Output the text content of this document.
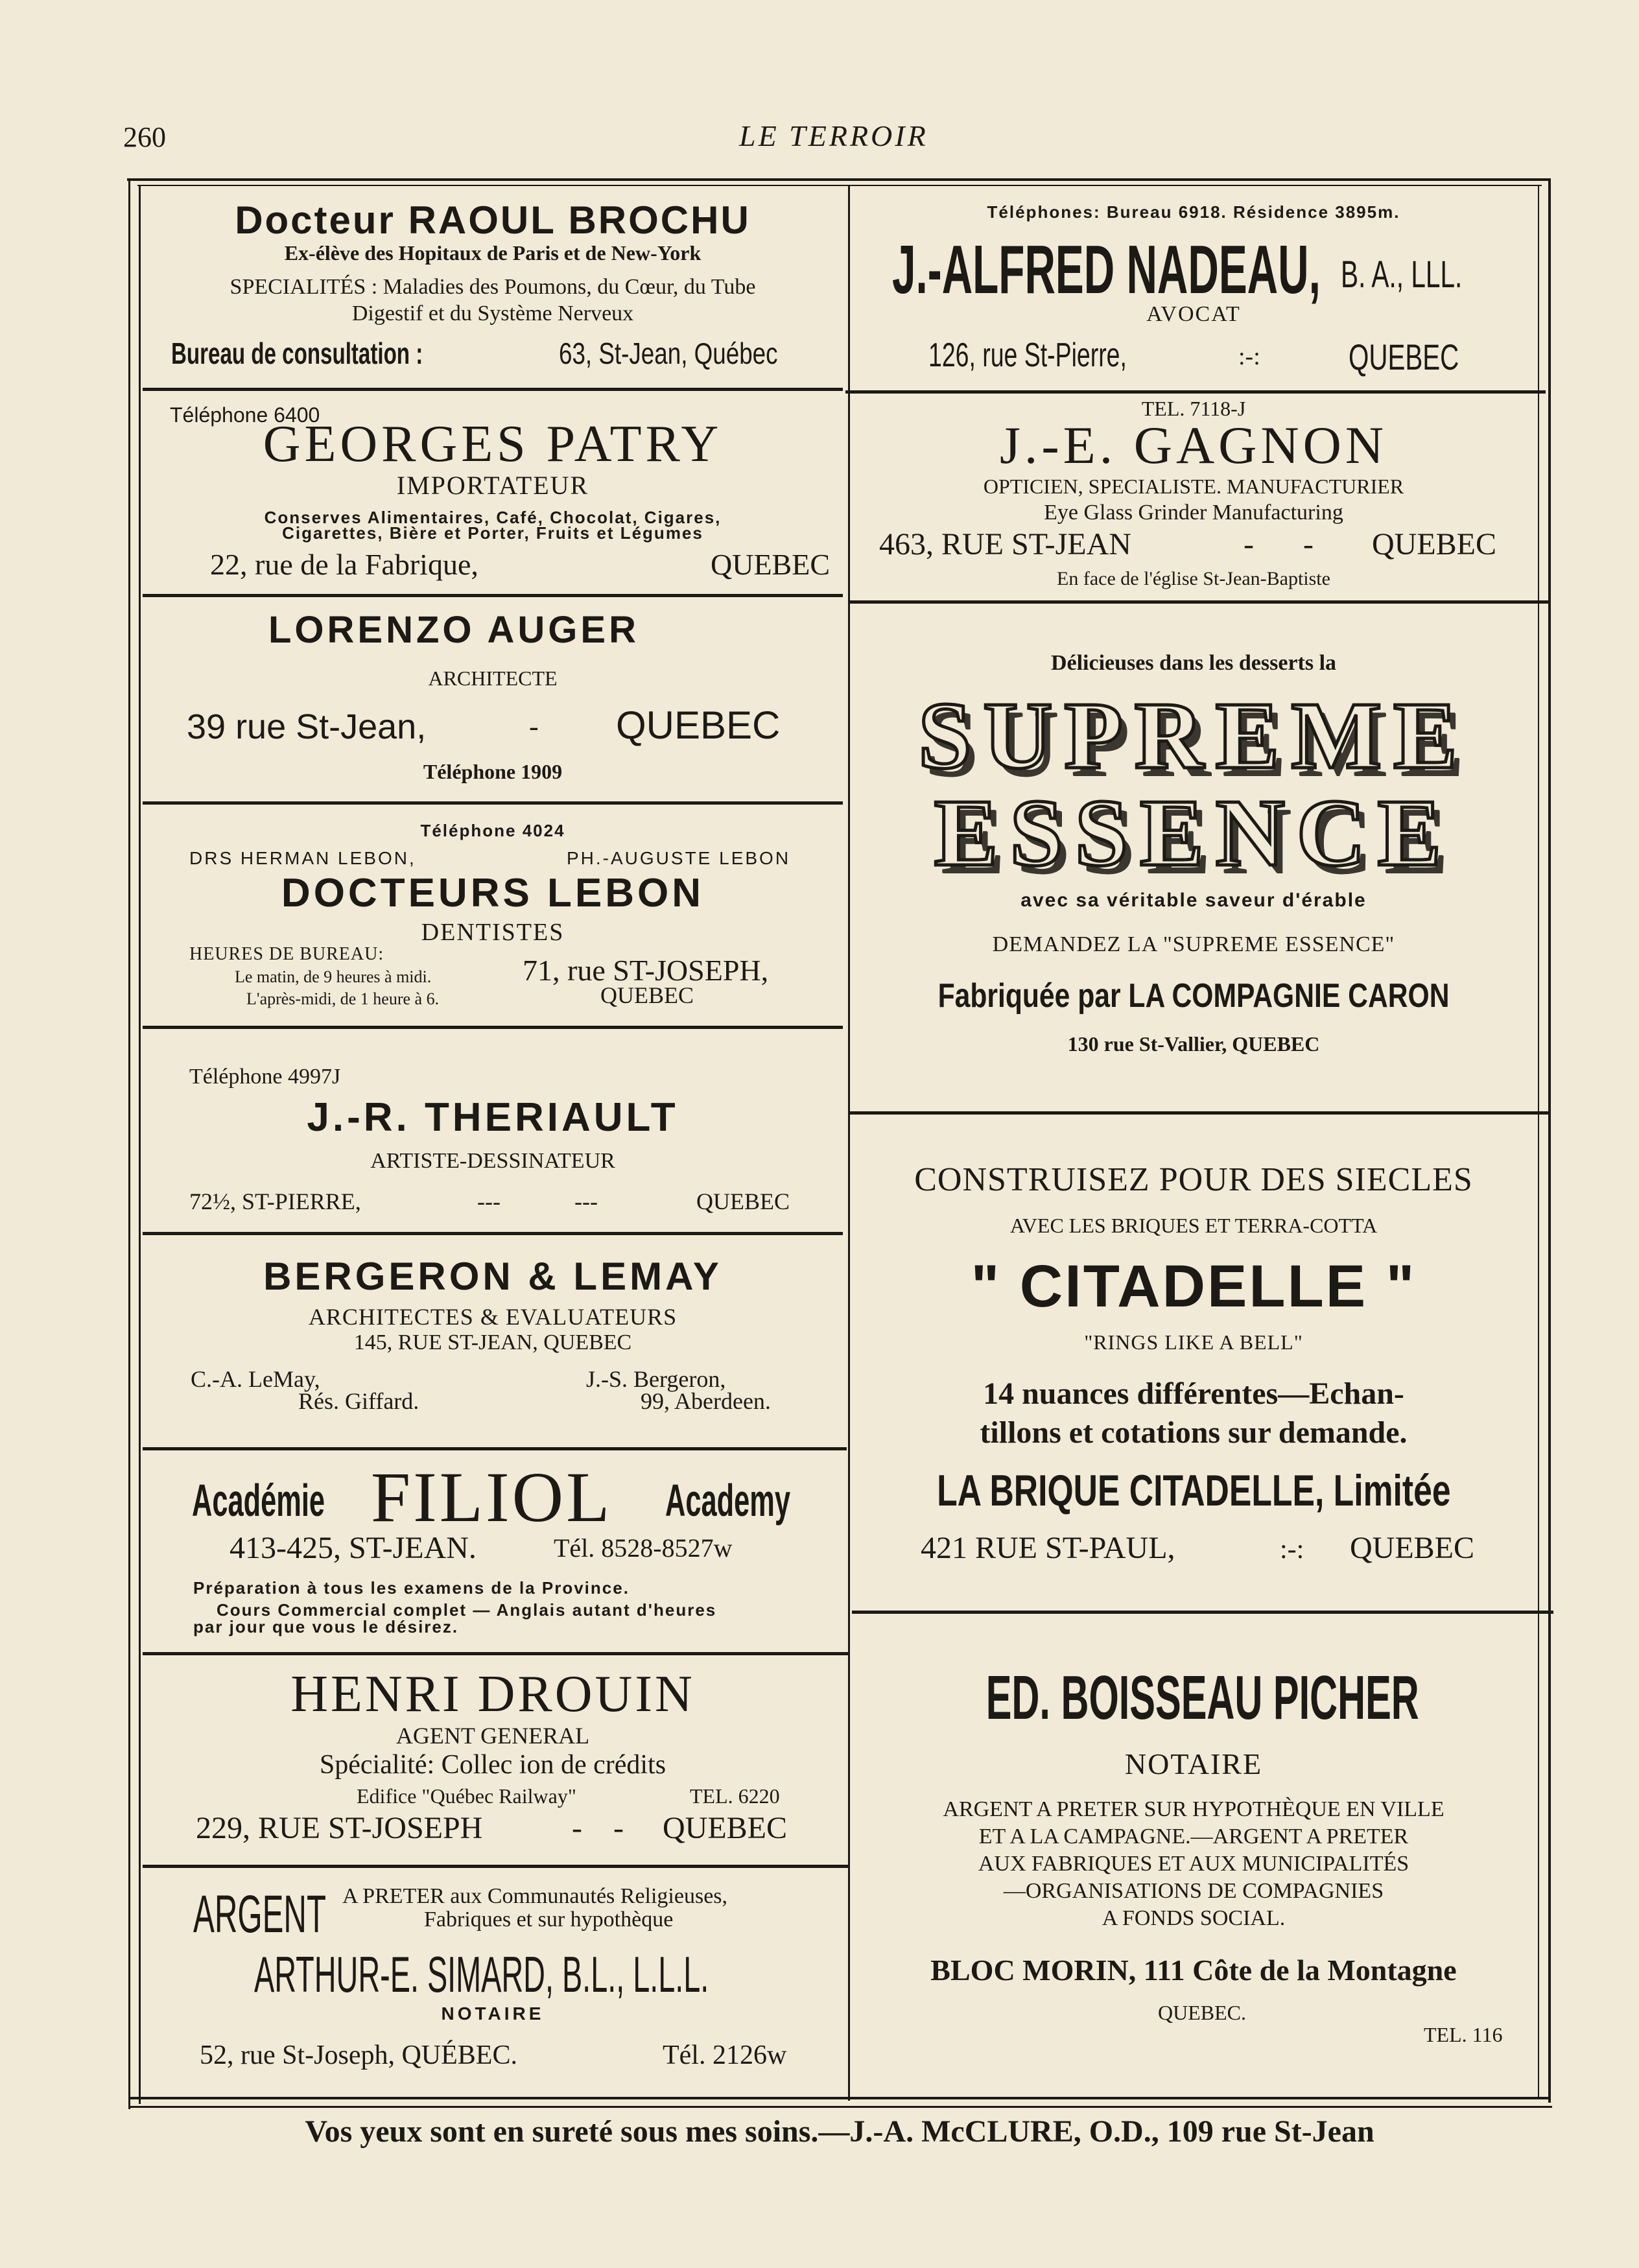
260	LE TERROIR
Docteur RAOUL BROCHU
Ex-élève des Hopitaux de Paris et de New-York
SPECIALITÉS : Maladies des Poumons, du Cœur, du Tube
Digestif et du Système Nerveux
Bureau de consultation :	63, St-Jean, Québec
Téléphone 6400
GEORGES PATRY
IMPORTATEUR
Conserves Alimentaires, Café, Chocolat, Cigares,
Cigarettes, Bière et Porter, Fruits et Légumes
22, rue de la Fabrique,	QUEBEC
LORENZO AUGER
ARCHITECTE
39 rue St-Jean,	- QUEBEC
Téléphone 1909
Téléphone 4024
DRS HERMAN LEBON,	PH.-AUGUSTE LEBON
DOCTEURS LEBON
DENTISTES
HEURES DE BUREAU:
Le matin, de 9 heures à midi.
L'après-midi, de 1 heure à 6.
71, rue ST-JOSEPH,
QUEBEC
Téléphone 4997J
J.-R. THERIAULT
ARTISTE-DESSINATEUR
72½, ST-PIERRE,	---	---	QUEBEC
BERGERON & LEMAY
ARCHITECTES & EVALUATEURS
145, RUE ST-JEAN, QUEBEC
C.-A. LeMay,
Rés. Giffard.
J.-S. Bergeron,
99, Aberdeen.
Académie FILIOL Academy
413-425, ST-JEAN.	Tél. 8528-8527w
Préparation à tous les examens de la Province.
Cours Commercial complet — Anglais autant d'heures
par jour que vous le désirez.
HENRI DROUIN
AGENT GENERAL
Spécialité: Collec ion de crédits
Edifice "Québec Railway"	TEL. 6220
229, RUE ST-JOSEPH	- - QUEBEC
ARGENT A PRETER aux Communautés Religieuses,
Fabriques et sur hypothèque
ARTHUR-E. SIMARD, B.L., L.L.L.
NOTAIRE
52, rue St-Joseph, QUÉBEC.	Tél. 2126w
Téléphones: Bureau 6918. Résidence 3895m.
J.-ALFRED NADEAU, B. A., LLL.
AVOCAT
126, rue St-Pierre,	:-: QUEBEC
TEL. 7118-J
J.-E. GAGNON
OPTICIEN, SPECIALISTE. MANUFACTURIER
Eye Glass Grinder Manufacturing
463, RUE ST-JEAN	- - QUEBEC
En face de l'église St-Jean-Baptiste
Délicieuses dans les desserts la
SUPREME
ESSENCE
avec sa véritable saveur d'érable
DEMANDEZ LA "SUPREME ESSENCE"
Fabriquée par LA COMPAGNIE CARON
130 rue St-Vallier, QUEBEC
CONSTRUISEZ POUR DES SIECLES
AVEC LES BRIQUES ET TERRA-COTTA
" CITADELLE "
"RINGS LIKE A BELL"
14 nuances différentes—Echan-
tillons et cotations sur demande.
LA BRIQUE CITADELLE, Limitée
421 RUE ST-PAUL,	:-: QUEBEC
ED. BOISSEAU PICHER
NOTAIRE
ARGENT A PRETER SUR HYPOTHÈQUE EN VILLE
ET A LA CAMPAGNE.—ARGENT A PRETER
AUX FABRIQUES ET AUX MUNICIPALITÉS
—ORGANISATIONS DE COMPAGNIES
A FONDS SOCIAL.
BLOC MORIN, 111 Côte de la Montagne
QUEBEC.
TEL. 116
Vos yeux sont en sureté sous mes soins.—J.-A. McCLURE, O.D., 109 rue St-Jean
